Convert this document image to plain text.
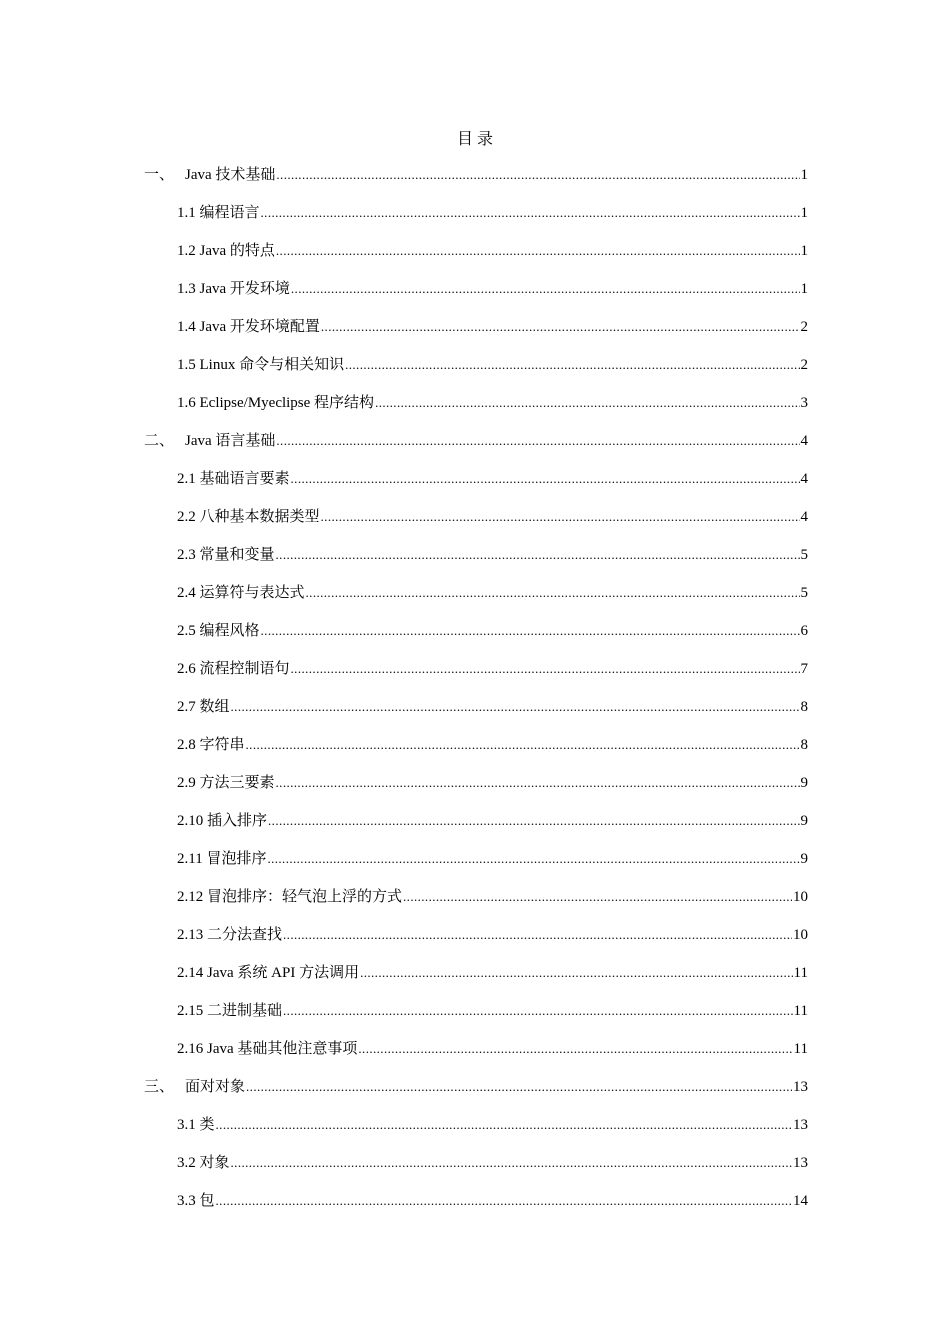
目 录
一、 Java 技术基础 .....	1
1.1 编程语言 .....	1
1.2 Java 的特点 .....	1
1.3 Java 开发环境 .....	1
1.4 Java 开发环境配置 .....	2
1.5 Linux 命令与相关知识 .....	2
1.6 Eclipse/Myeclipse 程序结构 .....	3
二、 Java 语言基础 .....	4
2.1 基础语言要素 .....	4
2.2 八种基本数据类型 .....	4
2.3 常量和变量 .....	5
2.4 运算符与表达式 .....	5
2.5 编程风格 .....	6
2.6 流程控制语句 .....	7
2.7 数组 .....	8
2.8 字符串 .....	8
2.9 方法三要素 .....	9
2.10 插入排序 .....	9
2.11 冒泡排序 .....	9
2.12 冒泡排序：轻气泡上浮的方式 .....	10
2.13 二分法查找 .....	10
2.14 Java 系统 API 方法调用 .....	11
2.15 二进制基础 .....	11
2.16 Java 基础其他注意事项 .....	11
三、 面对对象 .....	13
3.1 类 .....	13
3.2 对象 .....	13
3.3 包 .....	14
